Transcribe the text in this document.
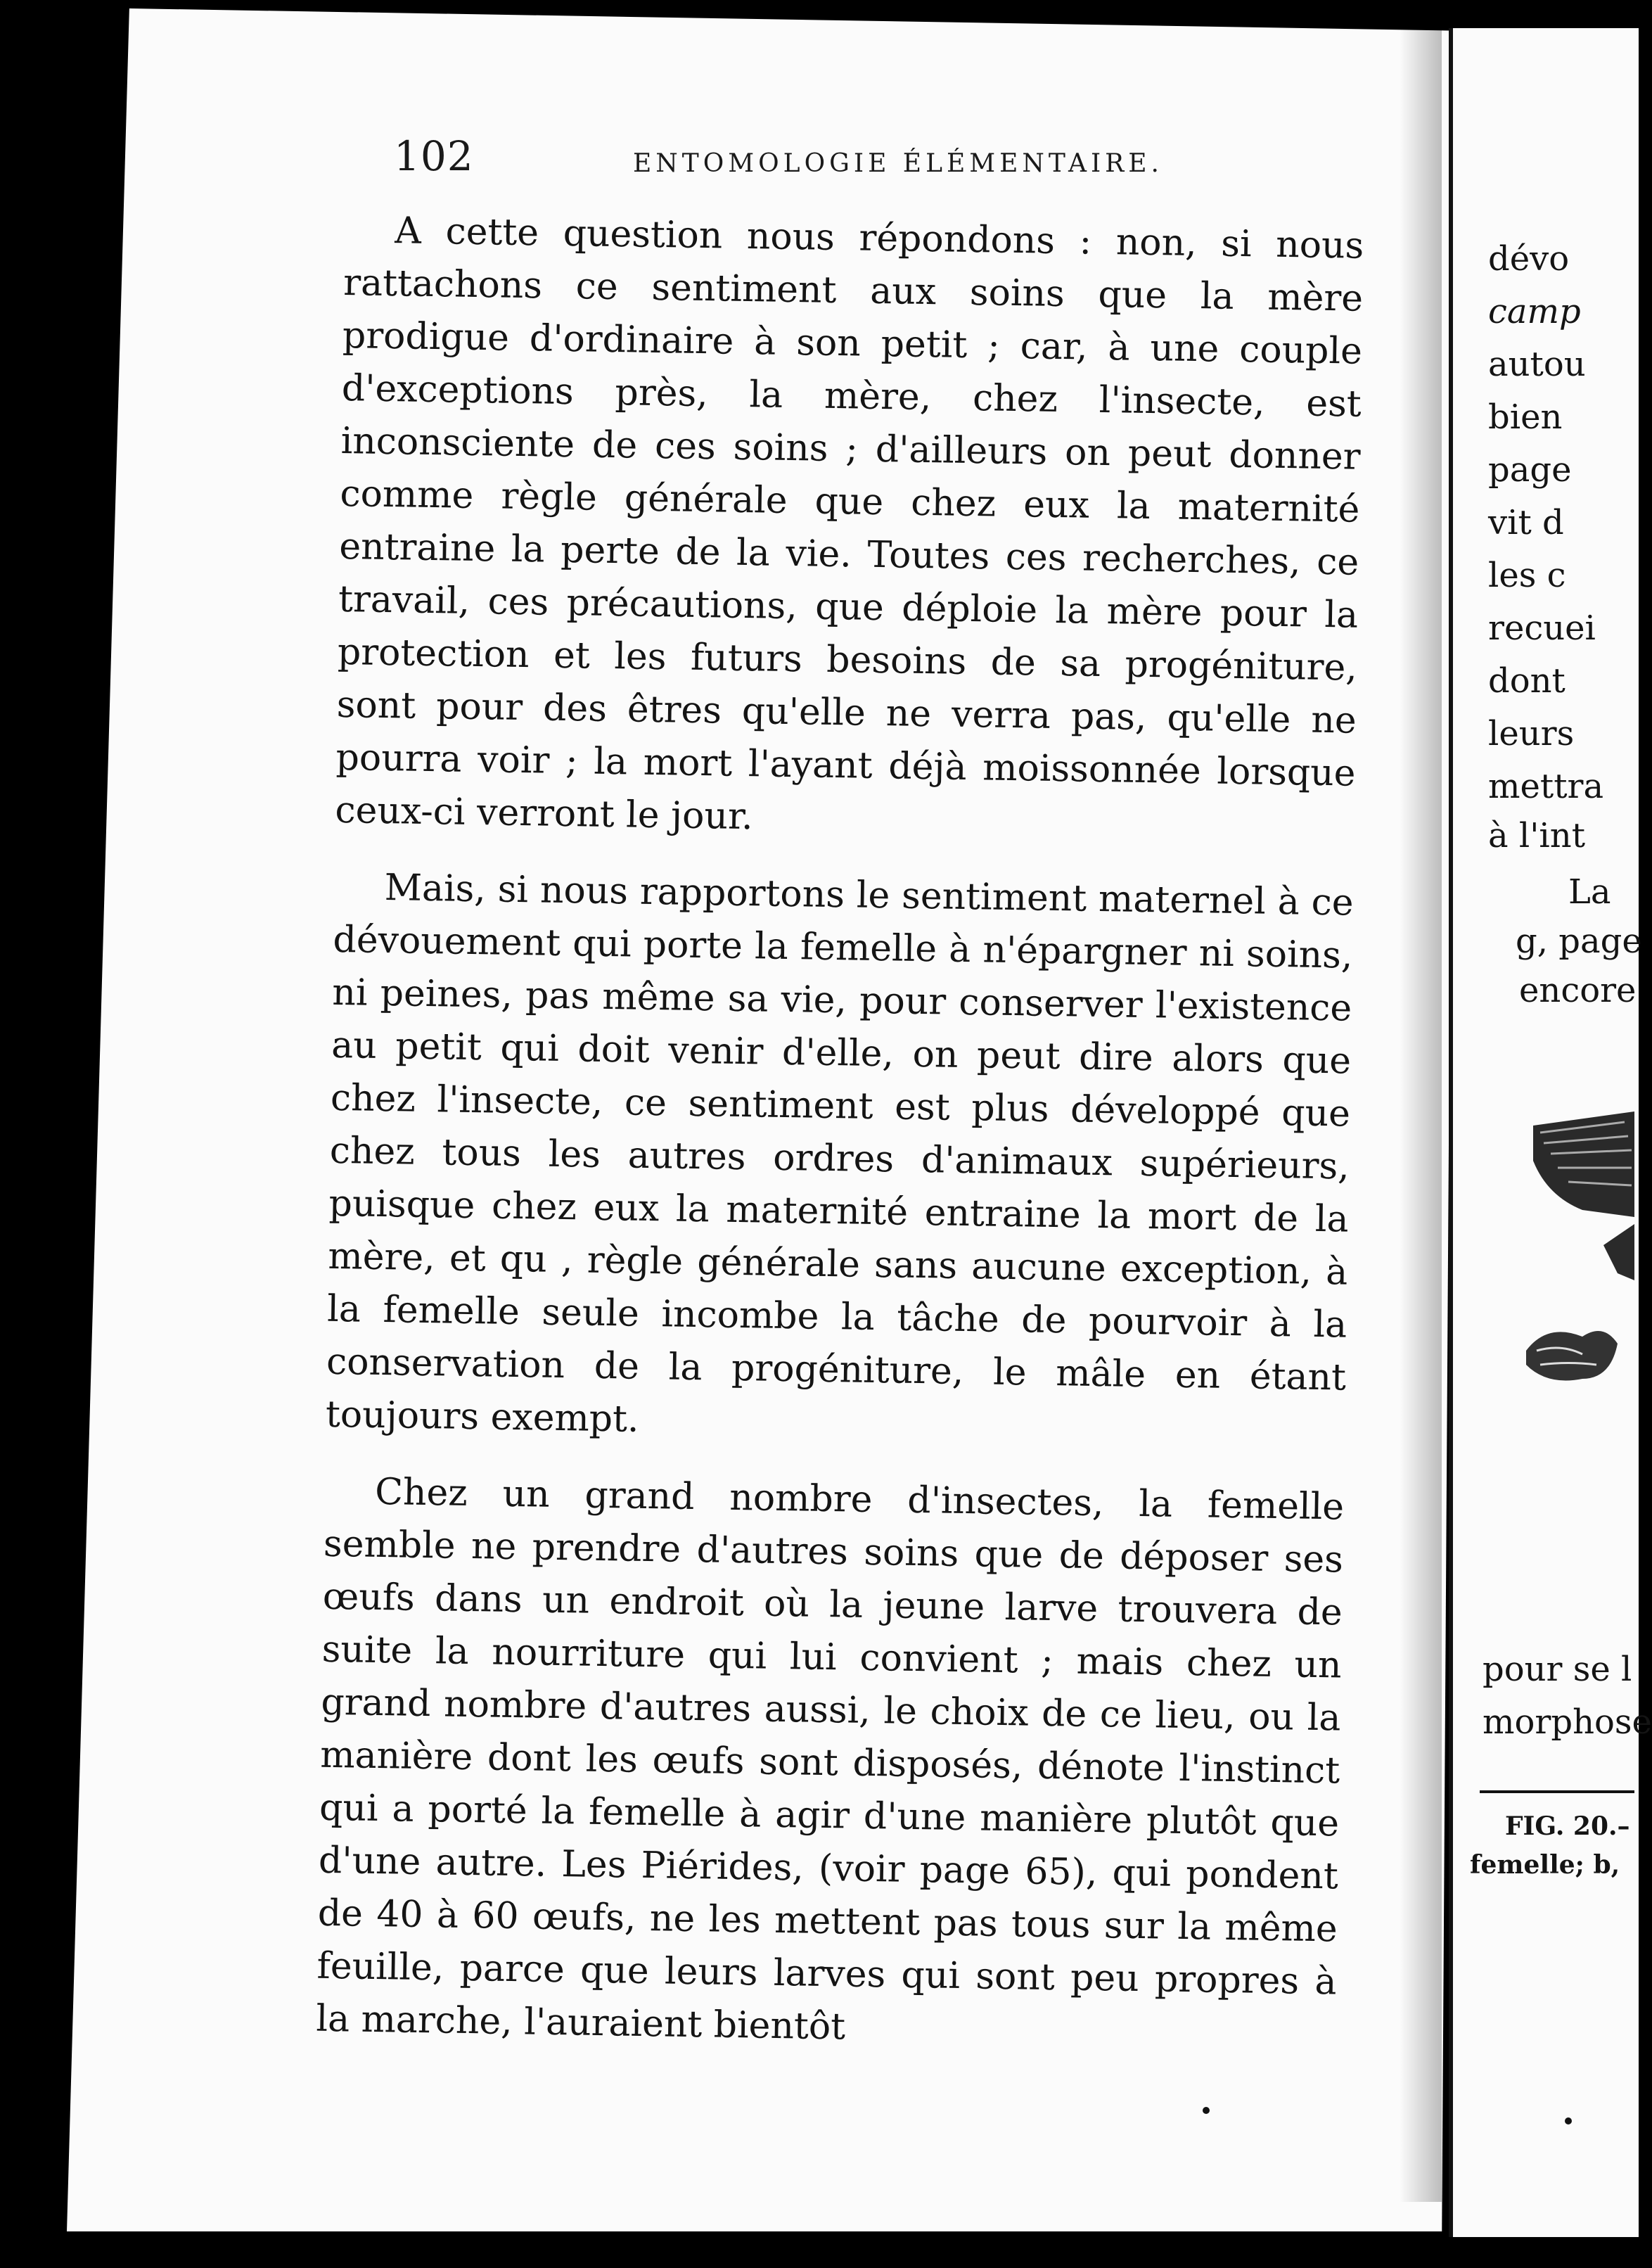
102	ENTOMOLOGIE ÉLÉMENTAIRE.

A cette question nous répondons : non, si nous rattachons ce sentiment aux soins que la mère prodigue d'ordinaire à son petit ; car, à une couple d'exceptions près, la mère, chez l'insecte, est inconsciente de ces soins ; d'ailleurs on peut donner comme règle générale que chez eux la maternité entraine la perte de la vie. Toutes ces recherches, ce travail, ces précautions, que déploie la mère pour la protection et les futurs besoins de sa progéniture, sont pour des êtres qu'elle ne verra pas, qu'elle ne pourra voir ; la mort l'ayant déjà moissonnée lorsque ceux-ci verront le jour.

Mais, si nous rapportons le sentiment maternel à ce dévouement qui porte la femelle à n'épargner ni soins, ni peines, pas même sa vie, pour conserver l'existence au petit qui doit venir d'elle, on peut dire alors que chez l'insecte, ce sentiment est plus développé que chez tous les autres ordres d'animaux supérieurs, puisque chez eux la maternité entraine la mort de la mère, et qu , règle générale sans aucune exception, à la femelle seule incombe la tâche de pourvoir à la conservation de la progéniture, le mâle en étant toujours exempt.

Chez un grand nombre d'insectes, la femelle semble ne prendre d'autres soins que de déposer ses œufs dans un endroit où la jeune larve trouvera de suite la nourriture qui lui convient ; mais chez un grand nombre d'autres aussi, le choix de ce lieu, ou la manière dont les œufs sont disposés, dénote l'instinct qui a porté la femelle à agir d'une manière plutôt que d'une autre. Les Piérides, (voir page 65), qui pondent de 40 à 60 œufs, ne les mettent pas tous sur la même feuille, parce que leurs larves qui sont peu propres à la marche, l'auraient bientôt

dévo
camp
autou
bien
page
vit d
les c
recuei
dont
leurs
mettra
à l'int
La
g, page
encore
pour se l
morphose
FIG. 20.–
femelle; b,
